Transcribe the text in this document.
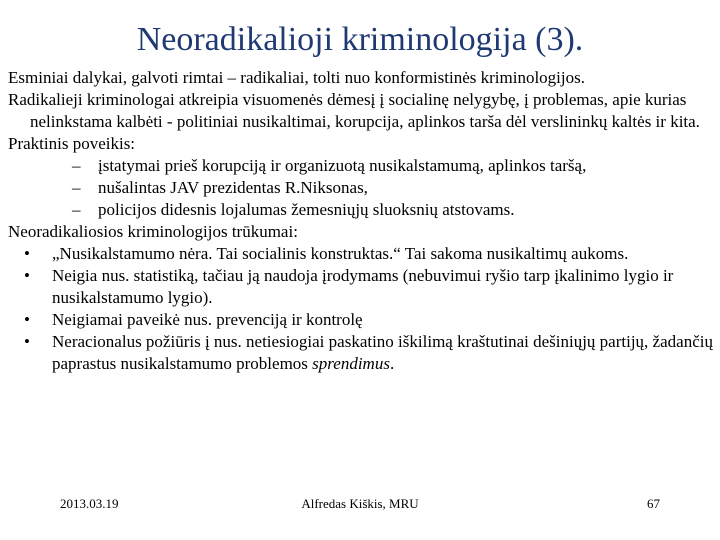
Neoradikalioji kriminologija (3).

Esminiai dalykai, galvoti rimtai – radikaliai, tolti nuo konformistinės kriminologijos.

Radikalieji kriminologai atkreipia visuomenės dėmesį į socialinę nelygybę, į problemas, apie kurias nelinkstama kalbėti - politiniai nusikaltimai, korupcija, aplinkos tarša dėl verslininkų kaltės ir kita.

Praktinis poveikis:

– įstatymai prieš korupciją ir organizuotą nusikalstamumą, aplinkos taršą,

– nušalintas JAV prezidentas R.Niksonas,

– policijos didesnis lojalumas žemesniųjų sluoksnių atstovams.

Neoradikaliosios kriminologijos trūkumai:

• „Nusikalstamumo nėra. Tai socialinis konstruktas.“ Tai sakoma nusikaltimų aukoms.

• Neigia nus. statistiką, tačiau ją naudoja įrodymams (nebuvimui ryšio tarp įkalinimo lygio ir nusikalstamumo lygio).

• Neigiamai paveikė nus. prevenciją ir kontrolę

• Neracionalus požiūris į nus. netiesiogiai paskatino iškilimą kraštutinai dešiniųjų partijų, žadančių paprastus nusikalstamumo problemos sprendimus.

2013.03.19	Alfredas Kiškis, MRU	67
